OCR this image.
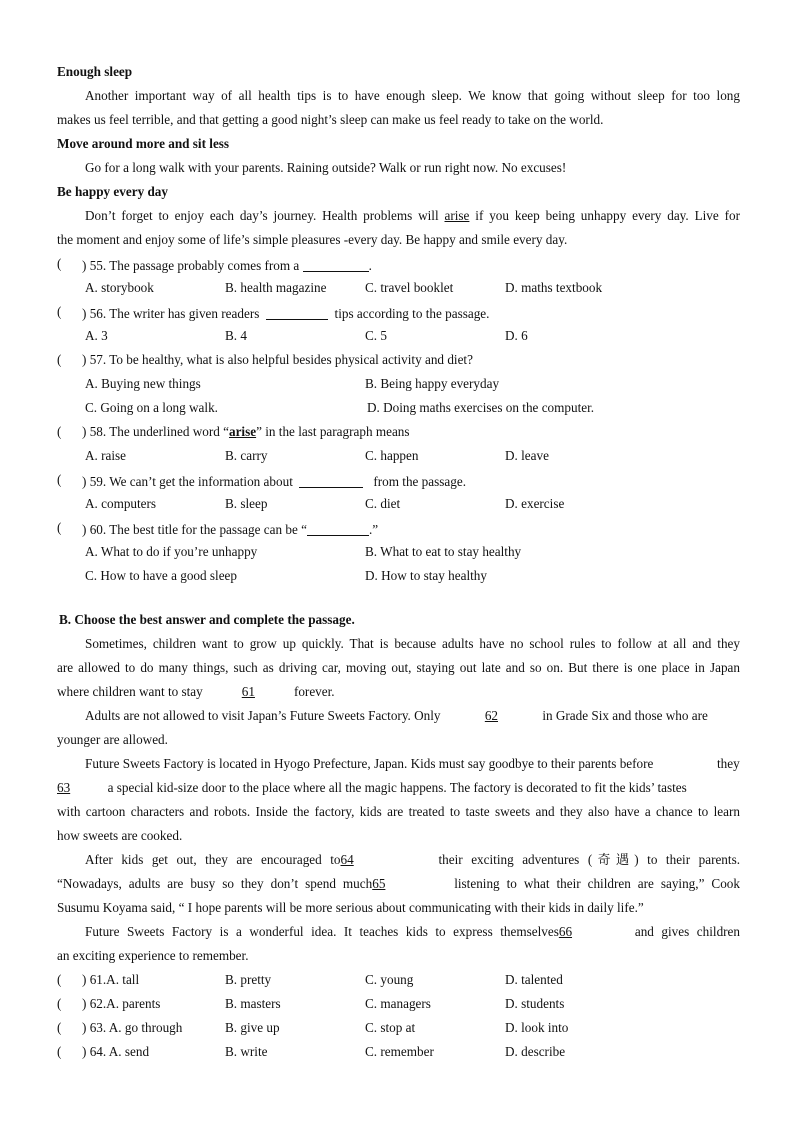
Enough sleep
Another important way of all health tips is to have enough sleep. We know that going without sleep for too long
makes us feel terrible, and that getting a good night’s sleep can make us feel ready to take on the world.
Move around more and sit less
Go for a long walk with your parents. Raining outside? Walk or run right now. No excuses!
Be happy every day
Don’t forget to enjoy each day’s journey. Health problems will arise if you keep being unhappy every day. Live for
the moment and enjoy some of life’s simple pleasures -every day. Be happy and smile every day.
( ) 55. The passage probably comes from a	.
A. storybook	B. health magazine	C. travel booklet	D. maths textbook
( ) 56. The writer has given readers	tips according to the passage.
A. 3	B. 4	C. 5	D. 6
( ) 57. To be healthy, what is also helpful besides physical activity and diet?
A. Buying new things	B. Being happy everyday
C. Going on a long walk.	D. Doing maths exercises on the computer.
( ) 58. The underlined word “arise” in the last paragraph means
A. raise	B. carry	C. happen	D. leave
( ) 59. We can’t get the information about	from the passage.
A. computers	B. sleep	C. diet	D. exercise
( ) 60. The best title for the passage can be “	.”
A. What to do if you’re unhappy	B. What to eat to stay healthy
C. How to have a good sleep	D. How to stay healthy
B. Choose the best answer and complete the passage.
Sometimes, children want to grow up quickly. That is because adults have no school rules to follow at all and they
are allowed to do many things, such as driving car, moving out, staying out late and so on. But there is one place in Japan
where children want to stay	61	forever.
Adults are not allowed to visit Japan’s Future Sweets Factory. Only	62	in Grade Six and those who are
younger are allowed.
Future Sweets Factory is located in Hyogo Prefecture, Japan. Kids must say goodbye to their parents before	they
63	a special kid-size door to the place where all the magic happens. The factory is decorated to fit the kids’ tastes
with cartoon characters and robots. Inside the factory, kids are treated to taste sweets and they also have a chance to learn
how sweets are cooked.
After kids get out, they are encouraged to64	their exciting adventures (奇遇) to their parents.
“Nowadays, adults are busy so they don’t spend much65	listening to what their children are saying,” Cook
Susumu Koyama said, “ I hope parents will be more serious about communicating with their kids in daily life.”
Future Sweets Factory is a wonderful idea. It teaches kids to express themselves66	and gives children
an exciting experience to remember.
( ) 61.A. tall	B. pretty	C. young	D. talented
( ) 62.A. parents	B. masters	C. managers	D. students
( ) 63. A. go through	B. give up	C. stop at	D. look into
( ) 64. A. send	B. write	C. remember	D. describe
